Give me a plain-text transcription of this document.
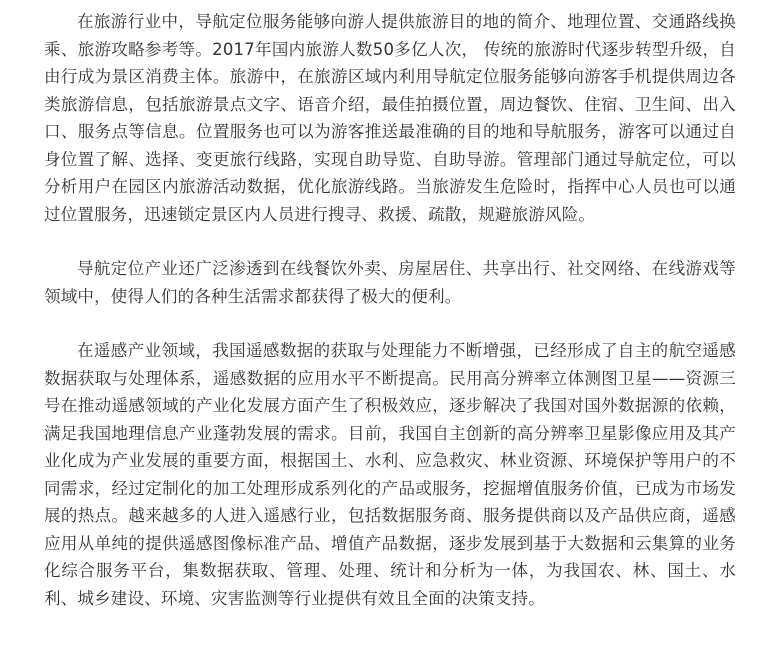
在旅游行业中，导航定位服务能够向游人提供旅游目的地的简介、地理位置、交通路线换乘、旅游攻略参考等。2017年国内旅游人数50多亿人次， 传统的旅游时代逐步转型升级，自由行成为景区消费主体。旅游中，在旅游区域内利用导航定位服务能够向游客手机提供周边各类旅游信息，包括旅游景点文字、语音介绍，最佳拍摄位置，周边餐饮、住宿、卫生间、出入口、服务点等信息。位置服务也可以为游客推送最准确的目的地和导航服务，游客可以通过自身位置了解、选择、变更旅行线路，实现自助导览、自助导游。管理部门通过导航定位，可以分析用户在园区内旅游活动数据，优化旅游线路。当旅游发生危险时，指挥中心人员也可以通过位置服务，迅速锁定景区内人员进行搜寻、救援、疏散，规避旅游风险。

导航定位产业还广泛渗透到在线餐饮外卖、房屋居住、共享出行、社交网络、在线游戏等领域中，使得人们的各种生活需求都获得了极大的便利。

在遥感产业领域，我国遥感数据的获取与处理能力不断增强，已经形成了自主的航空遥感数据获取与处理体系，遥感数据的应用水平不断提高。民用高分辨率立体测图卫星——资源三号在推动遥感领域的产业化发展方面产生了积极效应，逐步解决了我国对国外数据源的依赖，满足我国地理信息产业蓬勃发展的需求。目前，我国自主创新的高分辨率卫星影像应用及其产业化成为产业发展的重要方面，根据国土、水利、应急救灾、林业资源、环境保护等用户的不同需求，经过定制化的加工处理形成系列化的产品或服务，挖掘增值服务价值，已成为市场发展的热点。越来越多的人进入遥感行业，包括数据服务商、服务提供商以及产品供应商，遥感应用从单纯的提供遥感图像标准产品、增值产品数据，逐步发展到基于大数据和云集算的业务化综合服务平台，集数据获取、管理、处理、统计和分析为一体，为我国农、林、国土、水利、城乡建设、环境、灾害监测等行业提供有效且全面的决策支持。
